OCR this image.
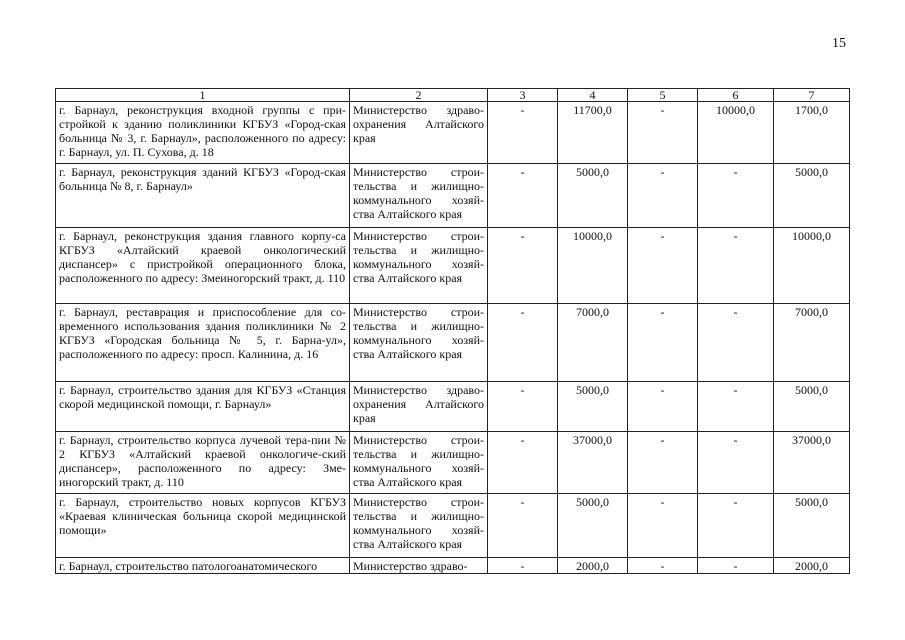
15
1	2	3	4	5	6	7
г. Барнаул, реконструкция входной группы с при-стройкой к зданию поликлиники КГБУЗ «Город-ская больница № 3, г. Барнаул», расположенного по адресу: г. Барнаул, ул. П. Сухова, д. 18	Министерство здраво-охранения Алтайского края	-	11700,0	-	10000,0	1700,0
г. Барнаул, реконструкция зданий КГБУЗ «Город-ская больница № 8, г. Барнаул»	Министерство строи-тельства и жилищно-коммунального хозяй-ства Алтайского края	-	5000,0	-	-	5000,0
г. Барнаул, реконструкция здания главного корпу-са КГБУЗ «Алтайский краевой онкологический диспансер» с пристройкой операционного блока, расположенного по адресу: Змеиногорский тракт, д. 110	Министерство строи-тельства и жилищно-коммунального хозяй-ства Алтайского края	-	10000,0	-	-	10000,0
г. Барнаул, реставрация и приспособление для со-временного использования здания поликлиники № 2 КГБУЗ «Городская больница № 5, г. Барна-ул», расположенного по адресу: просп. Калинина, д. 16	Министерство строи-тельства и жилищно-коммунального хозяй-ства Алтайского края	-	7000,0	-	-	7000,0
г. Барнаул, строительство здания для КГБУЗ «Станция скорой медицинской помощи, г. Барнаул»	Министерство здраво-охранения Алтайского края	-	5000,0	-	-	5000,0
г. Барнаул, строительство корпуса лучевой тера-пии № 2 КГБУЗ «Алтайский краевой онкологиче-ский диспансер», расположенного по адресу: Зме-иногорский тракт, д. 110	Министерство строи-тельства и жилищно-коммунального хозяй-ства Алтайского края	-	37000,0	-	-	37000,0
г. Барнаул, строительство новых корпусов КГБУЗ «Краевая клиническая больница скорой медицинской помощи»	Министерство строи-тельства и жилищно-коммунального хозяй-ства Алтайского края	-	5000,0	-	-	5000,0
г. Барнаул, строительство патологоанатомического	Министерство здраво-	-	2000,0	-	-	2000,0
